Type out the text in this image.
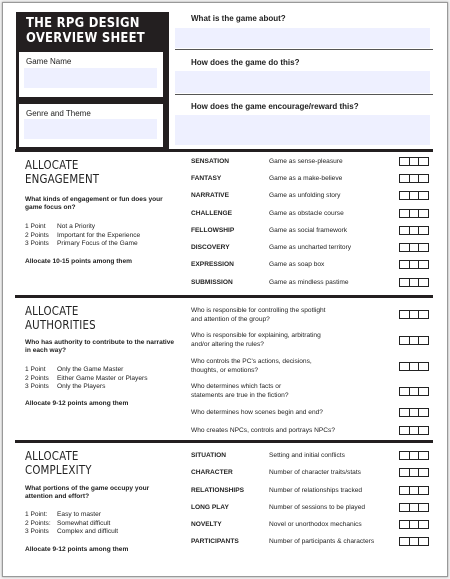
THE RPG DESIGN
OVERVIEW SHEET
Game Name
Genre and Theme
What is the game about?
How does the game do this?
How does the game encourage/reward this?
ALLOCATE
ENGAGEMENT
What kinds of engagement or fun does your game focus on?
1 Point Not a Priority
2 Points Important for the Experience
3 Points Primary Focus of the Game
Allocate 10-15 points among them
SENSATION	Game as sense-pleasure
FANTASY	Game as a make-believe
NARRATIVE	Game as unfolding story
CHALLENGE	Game as obstacle course
FELLOWSHIP	Game as social framework
DISCOVERY	Game as uncharted territory
EXPRESSION	Game as soap box
SUBMISSION	Game as mindless pastime
ALLOCATE
AUTHORITIES
Who has authority to contribute to the narrative in each way?
1 Point Only the Game Master
2 Points Either Game Master or Players
3 Points Only the Players
Allocate 9-12 points among them
Who is responsible for controlling the spotlight
and attention of the group?
Who is responsible for explaining, arbitrating
and/or altering the rules?
Who controls the PC's actions, decisions,
thoughts, or emotions?
Who determines which facts or
statements are true in the fiction?
Who determines how scenes begin and end?
Who creates NPCs, controls and portrays NPCs?
ALLOCATE
COMPLEXITY
What portions of the game occupy your attention and effort?
1 Point: Easy to master
2 Points: Somewhat difficult
3 Points Complex and difficult
Allocate 9-12 points among them
SITUATION	Setting and initial conflicts
CHARACTER	Number of character traits/stats
RELATIONSHIPS	Number of relationships tracked
LONG PLAY	Number of sessions to be played
NOVELTY	Novel or unorthodox mechanics
PARTICIPANTS	Number of participants & characters
